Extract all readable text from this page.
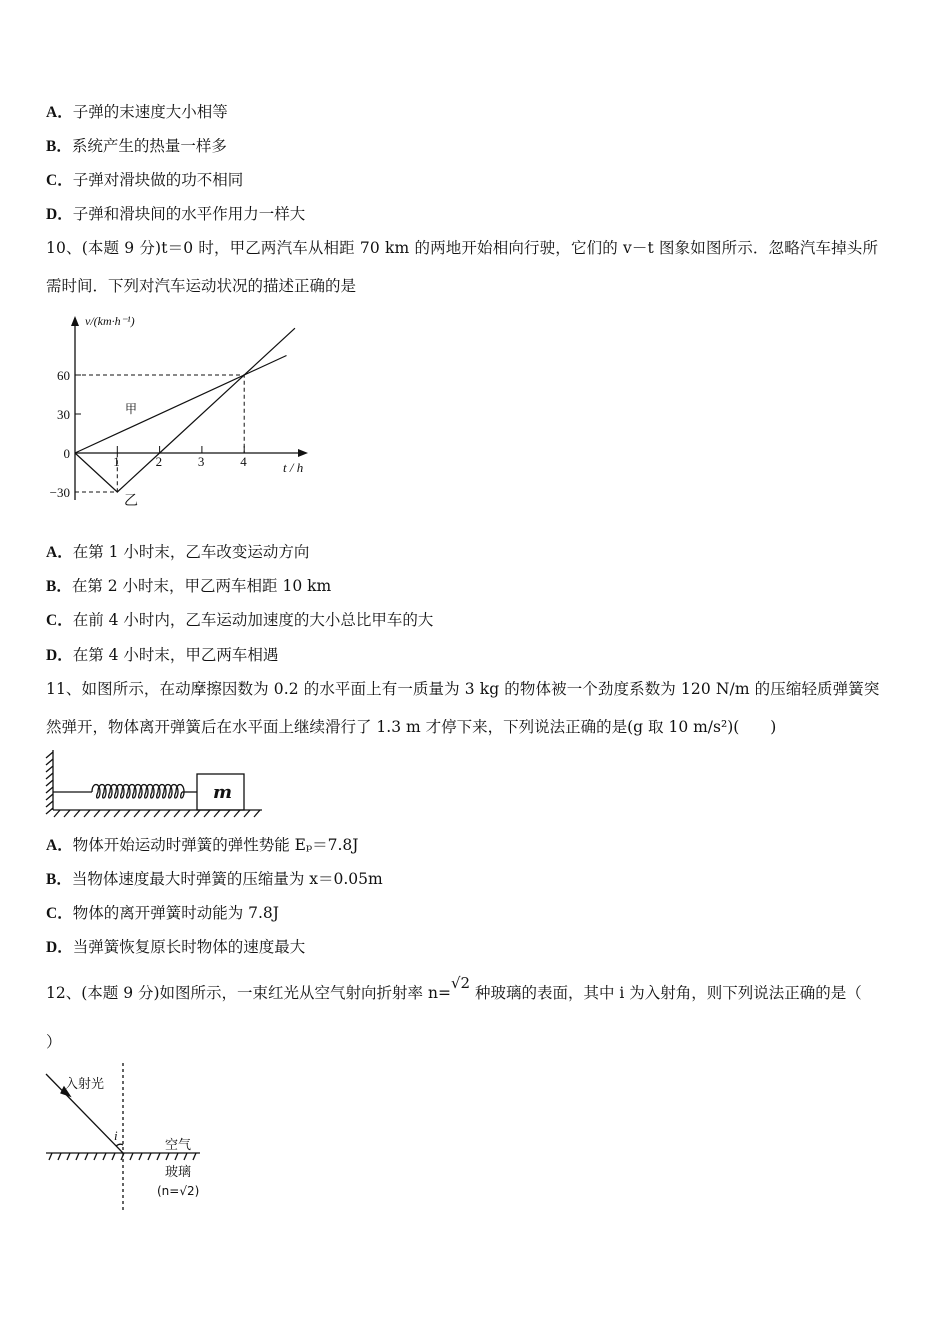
A．子弹的末速度大小相等
B．系统产生的热量一样多
C．子弹对滑块做的功不相同
D．子弹和滑块间的水平作用力一样大
10、(本题 9 分)t＝0 时，甲乙两汽车从相距 70 km 的两地开始相向行驶，它们的 v－t 图象如图所示．忽略汽车掉头所
需时间．下列对汽车运动状况的描述正确的是
1	2	3	4
60
30
0
−30
v/(km·h⁻¹)
t / h
甲
乙
m
入射光
i
空气
玻璃
(n=√2)
A．在第 1 小时末，乙车改变运动方向
B．在第 2 小时末，甲乙两车相距 10 km
C．在前 4 小时内，乙车运动加速度的大小总比甲车的大
D．在第 4 小时末，甲乙两车相遇
11、如图所示，在动摩擦因数为 0.2 的水平面上有一质量为 3 kg 的物体被一个劲度系数为 120 N/m 的压缩轻质弹簧突
然弹开，物体离开弹簧后在水平面上继续滑行了 1.3 m 才停下来，下列说法正确的是(g 取 10 m/s²)(　　)
A．物体开始运动时弹簧的弹性势能 Eₚ＝7.8J
B．当物体速度最大时弹簧的压缩量为 x＝0.05m
C．物体的离开弹簧时动能为 7.8J
D．当弹簧恢复原长时物体的速度最大
12、(本题 9 分)如图所示，一束红光从空气射向折射率 n=√2 种玻璃的表面，其中 i 为入射角，则下列说法正确的是（
）
